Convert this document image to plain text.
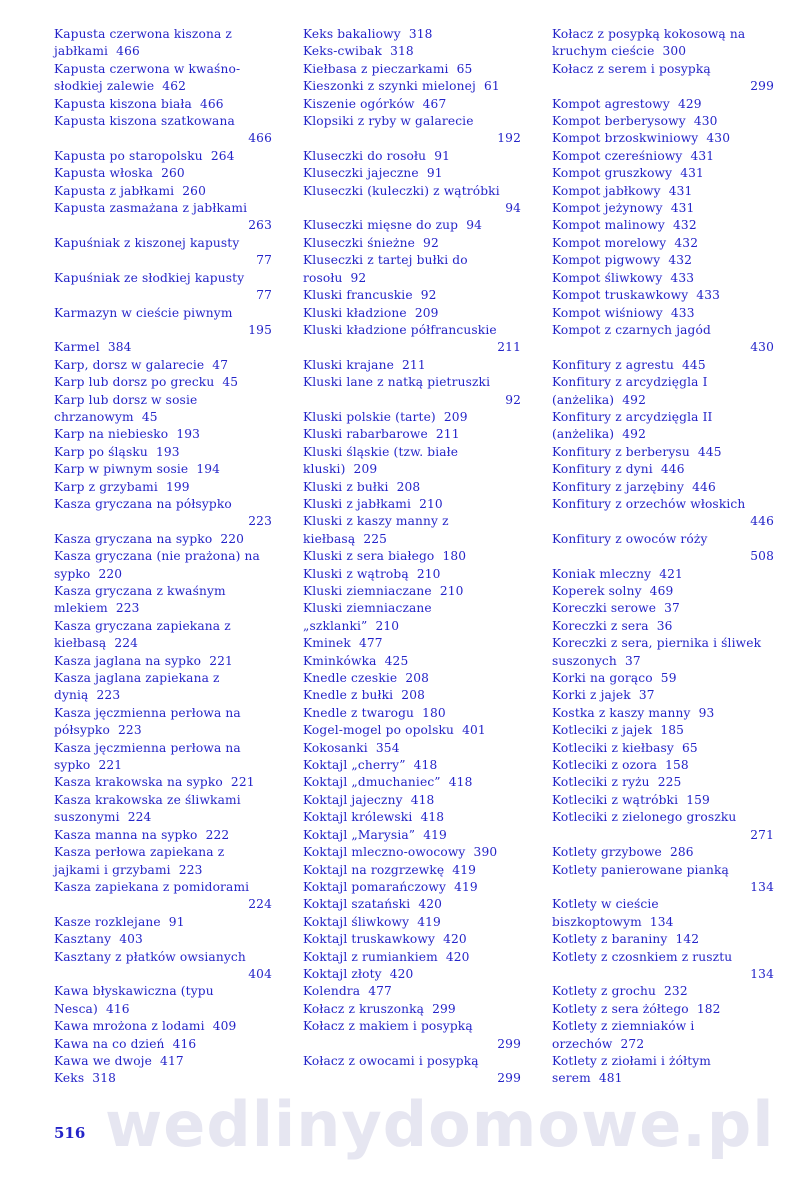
Kapusta czerwona kiszona z jabłkami 466
Kapusta czerwona w kwaśno-słodkiej zalewie 462
Kapusta kiszona biała 466
Kapusta kiszona szatkowana
466
Kapusta po staropolsku 264
Kapusta włoska 260
Kapusta z jabłkami 260
Kapusta zasmażana z jabłkami
263
Kapuśniak z kiszonej kapusty
77
Kapuśniak ze słodkiej kapusty
77
Karmazyn w cieście piwnym
195
Karmel 384
Karp, dorsz w galarecie 47
Karp lub dorsz po grecku 45
Karp lub dorsz w sosie chrzanowym 45
Karp na niebiesko 193
Karp po śląsku 193
Karp w piwnym sosie 194
Karp z grzybami 199
Kasza gryczana na półsypko
223
Kasza gryczana na sypko 220
Kasza gryczana (nie prażona) na sypko 220
Kasza gryczana z kwaśnym mlekiem 223
Kasza gryczana zapiekana z kiełbasą 224
Kasza jaglana na sypko 221
Kasza jaglana zapiekana z dynią 223
Kasza jęczmienna perłowa na półsypko 223
Kasza jęczmienna perłowa na sypko 221
Kasza krakowska na sypko 221
Kasza krakowska ze śliwkami suszonymi 224
Kasza manna na sypko 222
Kasza perłowa zapiekana z jajkami i grzybami 223
Kasza zapiekana z pomidorami
224
Kasze rozklejane 91
Kasztany 403
Kasztany z płatków owsianych
404
Kawa błyskawiczna (typu Nesca) 416
Kawa mrożona z lodami 409
Kawa na co dzień 416
Kawa we dwoje 417
Keks 318
Keks bakaliowy 318
Keks-cwibak 318
Kiełbasa z pieczarkami 65
Kieszonki z szynki mielonej 61
Kiszenie ogórków 467
Klopsiki z ryby w galarecie
192
Kluseczki do rosołu 91
Kluseczki jajeczne 91
Kluseczki (kuleczki) z wątróbki
94
Kluseczki mięsne do zup 94
Kluseczki śnieżne 92
Kluseczki z tartej bułki do rosołu 92
Kluski francuskie 92
Kluski kładzione 209
Kluski kładzione półfrancuskie
211
Kluski krajane 211
Kluski lane z natką pietruszki
92
Kluski polskie (tarte) 209
Kluski rabarbarowe 211
Kluski śląskie (tzw. białe kluski) 209
Kluski z bułki 208
Kluski z jabłkami 210
Kluski z kaszy manny z kiełbasą 225
Kluski z sera białego 180
Kluski z wątrobą 210
Kluski ziemniaczane 210
Kluski ziemniaczane „szklanki” 210
Kminek 477
Kminkówka 425
Knedle czeskie 208
Knedle z bułki 208
Knedle z twarogu 180
Kogel-mogel po opolsku 401
Kokosanki 354
Koktajl „cherry” 418
Koktajl „dmuchaniec” 418
Koktajl jajeczny 418
Koktajl królewski 418
Koktajl „Marysia” 419
Koktajl mleczno-owocowy 390
Koktajl na rozgrzewkę 419
Koktajl pomarańczowy 419
Koktajl szatański 420
Koktajl śliwkowy 419
Koktajl truskawkowy 420
Koktajl z rumiankiem 420
Koktajl złoty 420
Kolendra 477
Kołacz z kruszonką 299
Kołacz z makiem i posypką
299
Kołacz z owocami i posypką
299
Kołacz z posypką kokosową na kruchym cieście 300
Kołacz z serem i posypką
299
Kompot agrestowy 429
Kompot berberysowy 430
Kompot brzoskwiniowy 430
Kompot czereśniowy 431
Kompot gruszkowy 431
Kompot jabłkowy 431
Kompot jeżynowy 431
Kompot malinowy 432
Kompot morelowy 432
Kompot pigwowy 432
Kompot śliwkowy 433
Kompot truskawkowy 433
Kompot wiśniowy 433
Kompot z czarnych jagód
430
Konfitury z agrestu 445
Konfitury z arcydzięgla I (anżelika) 492
Konfitury z arcydzięgla II (anżelika) 492
Konfitury z berberysu 445
Konfitury z dyni 446
Konfitury z jarzębiny 446
Konfitury z orzechów włoskich
446
Konfitury z owoców róży
508
Koniak mleczny 421
Koperek solny 469
Koreczki serowe 37
Koreczki z sera 36
Koreczki z sera, piernika i śliwek suszonych 37
Korki na gorąco 59
Korki z jajek 37
Kostka z kaszy manny 93
Kotleciki z jajek 185
Kotleciki z kiełbasy 65
Kotleciki z ozora 158
Kotleciki z ryżu 225
Kotleciki z wątróbki 159
Kotleciki z zielonego groszku
271
Kotlety grzybowe 286
Kotlety panierowane pianką
134
Kotlety w cieście biszkoptowym 134
Kotlety z baraniny 142
Kotlety z czosnkiem z rusztu
134
Kotlety z grochu 232
Kotlety z sera żółtego 182
Kotlety z ziemniaków i orzechów 272
Kotlety z ziołami i żółtym serem 481
wedlinydomowe.pl
516
